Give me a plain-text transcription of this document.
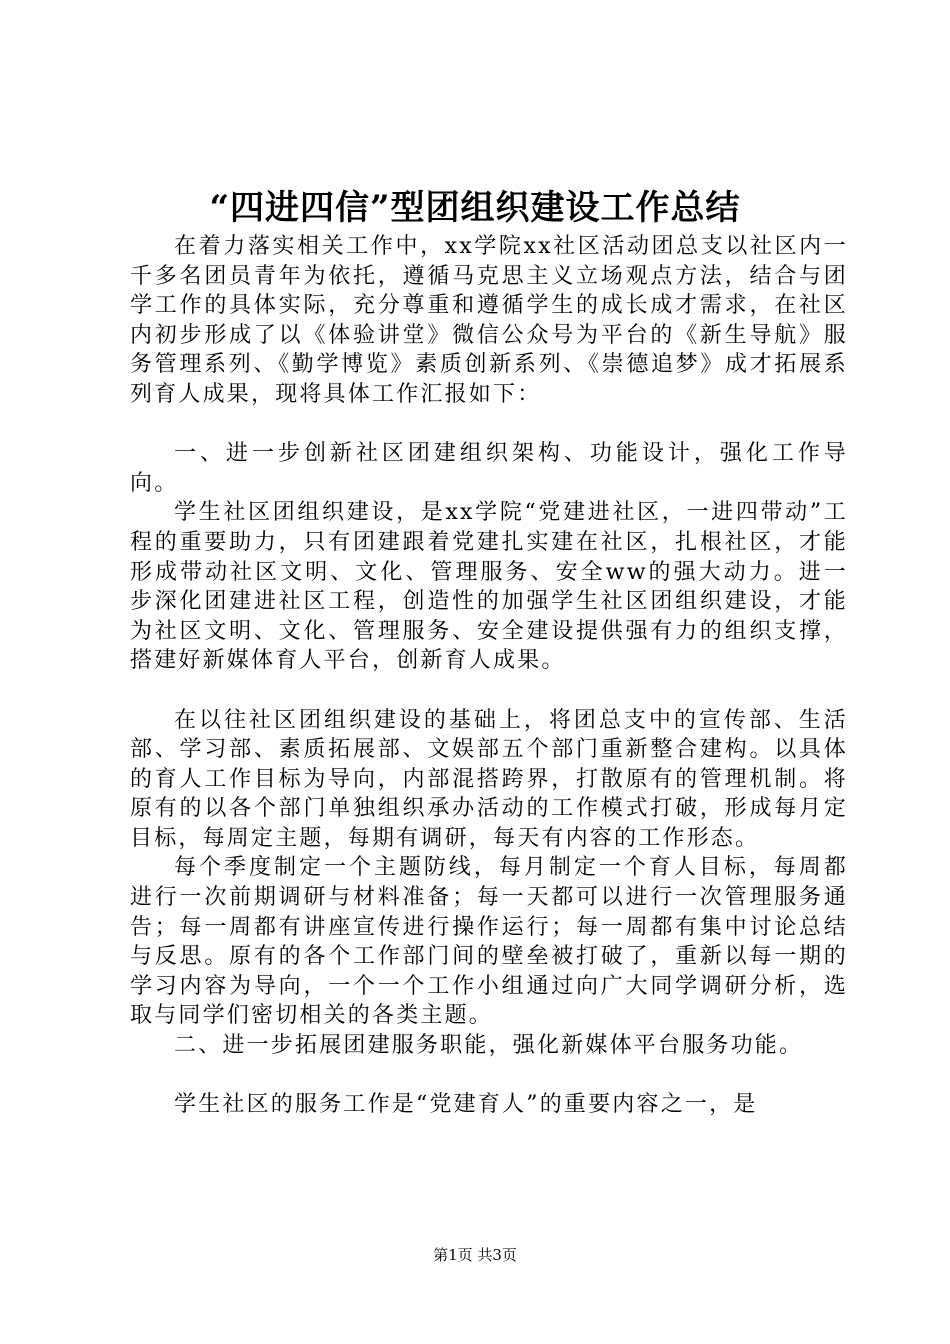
“四进四信”型团组织建设工作总结

在着力落实相关工作中，xx学院xx社区活动团总支以社区内一千多名团员青年为依托，遵循马克思主义立场观点方法，结合与团学工作的具体实际，充分尊重和遵循学生的成长成才需求，在社区内初步形成了以《体验讲堂》微信公众号为平台的《新生导航》服务管理系列、《勤学博览》素质创新系列、《崇德追梦》成才拓展系列育人成果，现将具体工作汇报如下：

一、进一步创新社区团建组织架构、功能设计，强化工作导向。

学生社区团组织建设，是xx学院“党建进社区，一进四带动”工程的重要助力，只有团建跟着党建扎实建在社区，扎根社区，才能形成带动社区文明、文化、管理服务、安全ww的强大动力。进一步深化团建进社区工程，创造性的加强学生社区团组织建设，才能为社区文明、文化、管理服务、安全建设提供强有力的组织支撑，搭建好新媒体育人平台，创新育人成果。

在以往社区团组织建设的基础上，将团总支中的宣传部、生活部、学习部、素质拓展部、文娱部五个部门重新整合建构。以具体的育人工作目标为导向，内部混搭跨界，打散原有的管理机制。将原有的以各个部门单独组织承办活动的工作模式打破，形成每月定目标，每周定主题，每期有调研，每天有内容的工作形态。

每个季度制定一个主题防线，每月制定一个育人目标，每周都进行一次前期调研与材料准备；每一天都可以进行一次管理服务通告；每一周都有讲座宣传进行操作运行；每一周都有集中讨论总结与反思。原有的各个工作部门间的壁垒被打破了，重新以每一期的学习内容为导向，一个一个工作小组通过向广大同学调研分析，选取与同学们密切相关的各类主题。

二、进一步拓展团建服务职能，强化新媒体平台服务功能。

学生社区的服务工作是“党建育人”的重要内容之一，是

第1页 共3页
